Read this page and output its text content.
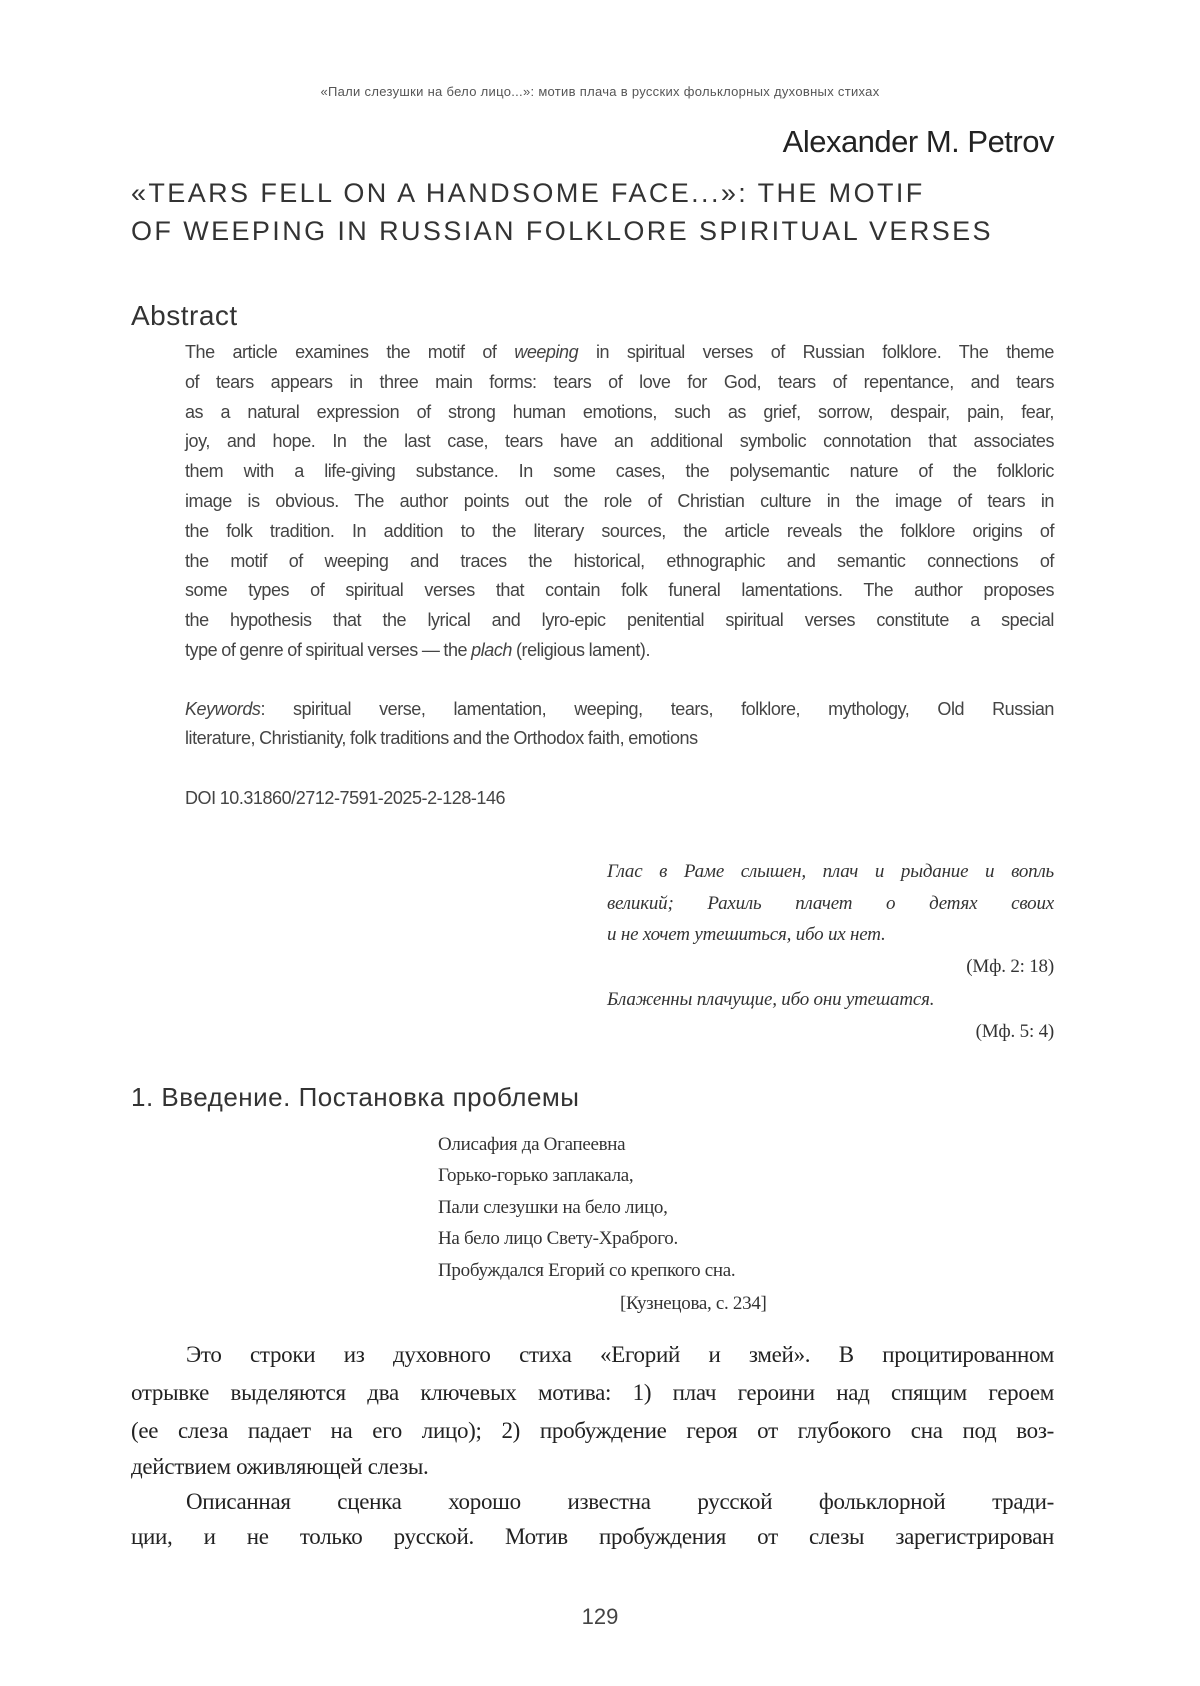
«Пали слезушки на бело лицо...»: мотив плача в русских фольклорных духовных стихах
Alexander M. Petrov
«TEARS FELL ON A HANDSOME FACE...»: THE MOTIF
OF WEEPING IN RUSSIAN FOLKLORE SPIRITUAL VERSES
Abstract
The article examines the motif of weeping in spiritual verses of Russian folklore. The theme
of tears appears in three main forms: tears of love for God, tears of repentance, and tears
as a natural expression of strong human emotions, such as grief, sorrow, despair, pain, fear,
joy, and hope. In the last case, tears have an additional symbolic connotation that associates
them with a life-giving substance. In some cases, the polysemantic nature of the folkloric
image is obvious. The author points out the role of Christian culture in the image of tears in
the folk tradition. In addition to the literary sources, the article reveals the folklore origins of
the motif of weeping and traces the historical, ethnographic and semantic connections of
some types of spiritual verses that contain folk funeral lamentations. The author proposes
the hypothesis that the lyrical and lyro-epic penitential spiritual verses constitute a special
type of genre of spiritual verses — the plach (religious lament).
Keywords: spiritual verse, lamentation, weeping, tears, folklore, mythology, Old Russian
literature, Christianity, folk traditions and the Orthodox faith, emotions
DOI 10.31860/2712-7591-2025-2-128-146
Глас в Раме слышен, плач и рыдание и вопль
великий; Рахиль плачет о детях своих
и не хочет утешиться, ибо их нет.
(Мф. 2: 18)
Блаженны плачущие, ибо они утешатся.
(Мф. 5: 4)
1. Введение. Постановка проблемы
Олисафия да Огапеевна
Горько-горько заплакала,
Пали слезушки на бело лицо,
На бело лицо Свету-Храброго.
Пробуждался Егорий со крепкого сна.
[Кузнецова, с. 234]
Это строки из духовного стиха «Егорий и змей». В процитированном
отрывке выделяются два ключевых мотива: 1) плач героини над спящим героем
(ее слеза падает на его лицо); 2) пробуждение героя от глубокого сна под воз-
действием оживляющей слезы.
Описанная сценка хорошо известна русской фольклорной тради-
ции, и не только русской. Мотив пробуждения от слезы зарегистрирован
129
